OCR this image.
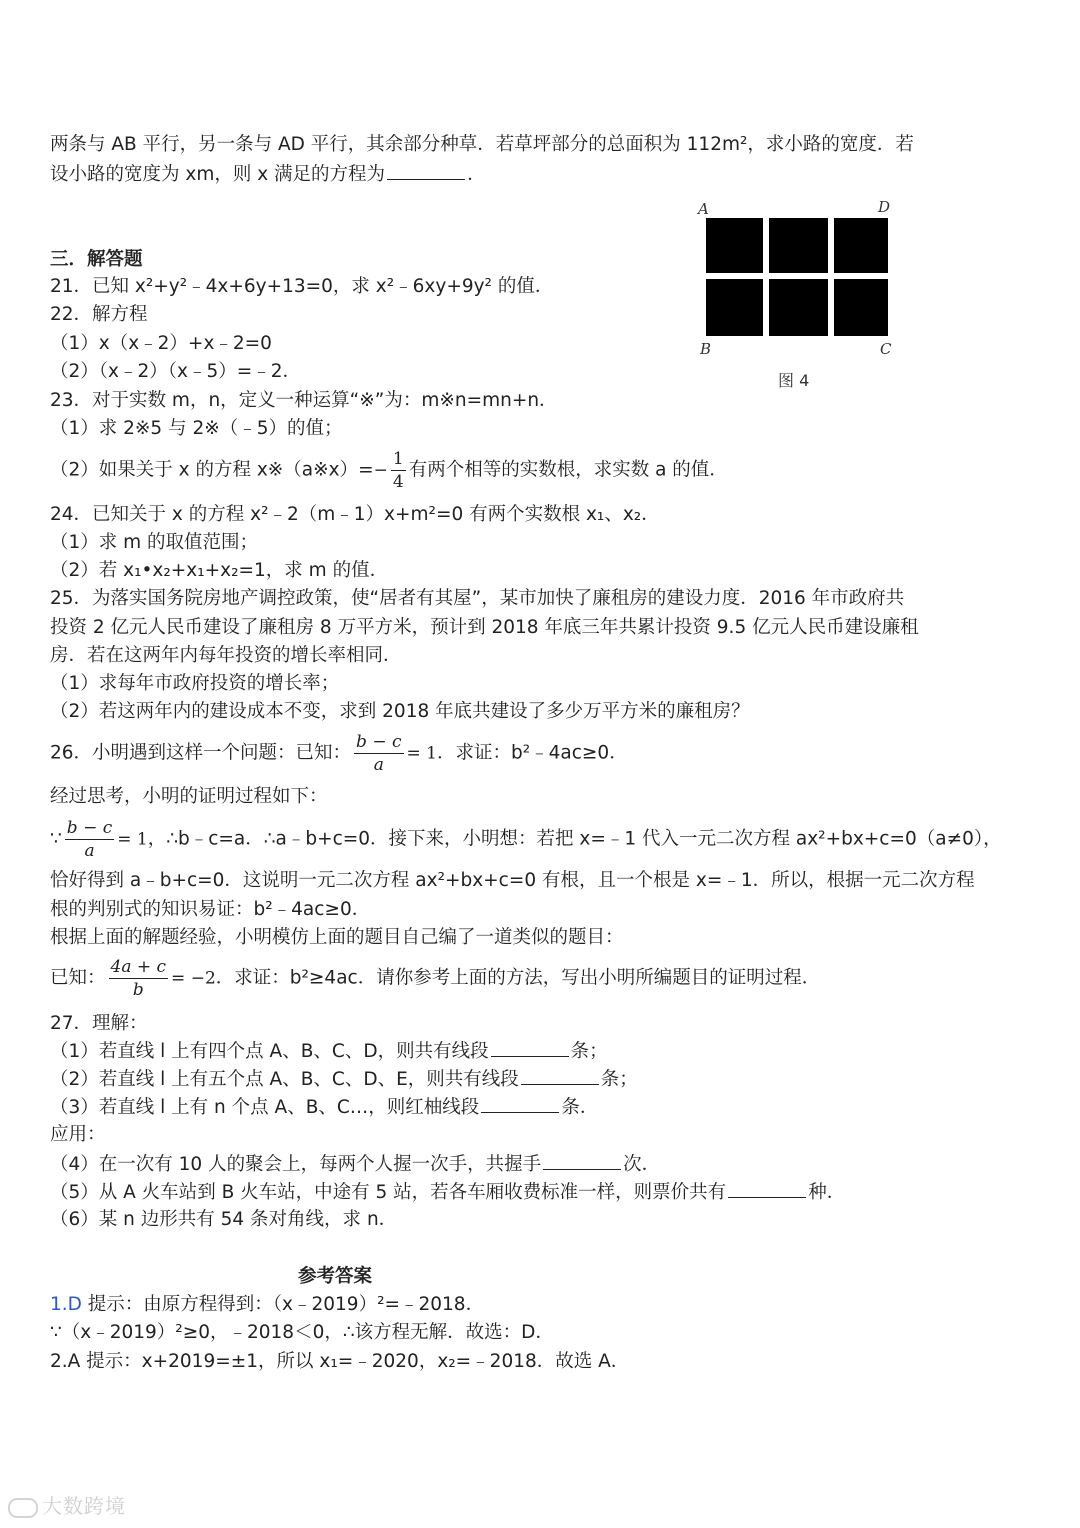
两条与 AB 平行，另一条与 AD 平行，其余部分种草．若草坪部分的总面积为 112m²，求小路的宽度．若
设小路的宽度为 xm，则 x 满足的方程为	．
A	D
B	C
图 4
三．解答题
21．已知 x²+y²﹣4x+6y+13=0，求 x²﹣6xy+9y² 的值．
22．解方程
（1）x（x﹣2）+x﹣2=0
（2）（x﹣2）（x﹣5）=﹣2．
23．对于实数 m，n，定义一种运算“※”为：m※n=mn+n．
（1）求 2※5 与 2※（﹣5）的值；
（2）如果关于 x 的方程 x※（a※x）=− $\frac{1}{4}$ 有两个相等的实数根，求实数 a 的值．
24．已知关于 x 的方程 x²﹣2（m﹣1）x+m²=0 有两个实数根 x₁、x₂．
（1）求 m 的取值范围；
（2）若 x₁•x₂+x₁+x₂=1，求 m 的值．
25．为落实国务院房地产调控政策，使“居者有其屋”，某市加快了廉租房的建设力度．2016 年市政府共
投资 2 亿元人民币建设了廉租房 8 万平方米，预计到 2018 年底三年共累计投资 9.5 亿元人民币建设廉租
房．若在这两年内每年投资的增长率相同．
（1）求每年市政府投资的增长率；
（2）若这两年内的建设成本不变，求到 2018 年底共建设了多少万平方米的廉租房？
26．小明遇到这样一个问题：已知： $\frac{b - c}{a} = 1$．求证：b²﹣4ac≥0．
经过思考，小明的证明过程如下：
∵ $\frac{b - c}{a} = 1$，∴b﹣c=a．∴a﹣b+c=0．接下来，小明想：若把 x=﹣1 代入一元二次方程 ax²+bx+c=0（a≠0），
恰好得到 a﹣b+c=0．这说明一元二次方程 ax²+bx+c=0 有根，且一个根是 x=﹣1．所以，根据一元二次方程
根的判别式的知识易证：b²﹣4ac≥0．
根据上面的解题经验，小明模仿上面的题目自己编了一道类似的题目：
已知： $\frac{4a + c}{b} = -2$．求证：b²≥4ac．请你参考上面的方法，写出小明所编题目的证明过程．
27．理解：
（1）若直线 l 上有四个点 A、B、C、D，则共有线段	条；
（2）若直线 l 上有五个点 A、B、C、D、E，则共有线段	条；
（3）若直线 l 上有 n 个点 A、B、C…，则红柚线段	条．
应用：
（4）在一次有 10 人的聚会上，每两个人握一次手，共握手	次．
（5）从 A 火车站到 B 火车站，中途有 5 站，若各车厢收费标准一样，则票价共有	种．
（6）某 n 边形共有 54 条对角线，求 n．
参考答案
1.D 提示：由原方程得到：（x﹣2019）²=﹣2018．
∵（x﹣2019）²≥0，﹣2018＜0，∴该方程无解．故选：D．
2.A 提示：x+2019=±1，所以 x₁=﹣2020，x₂=﹣2018．故选 A．
大数跨境
